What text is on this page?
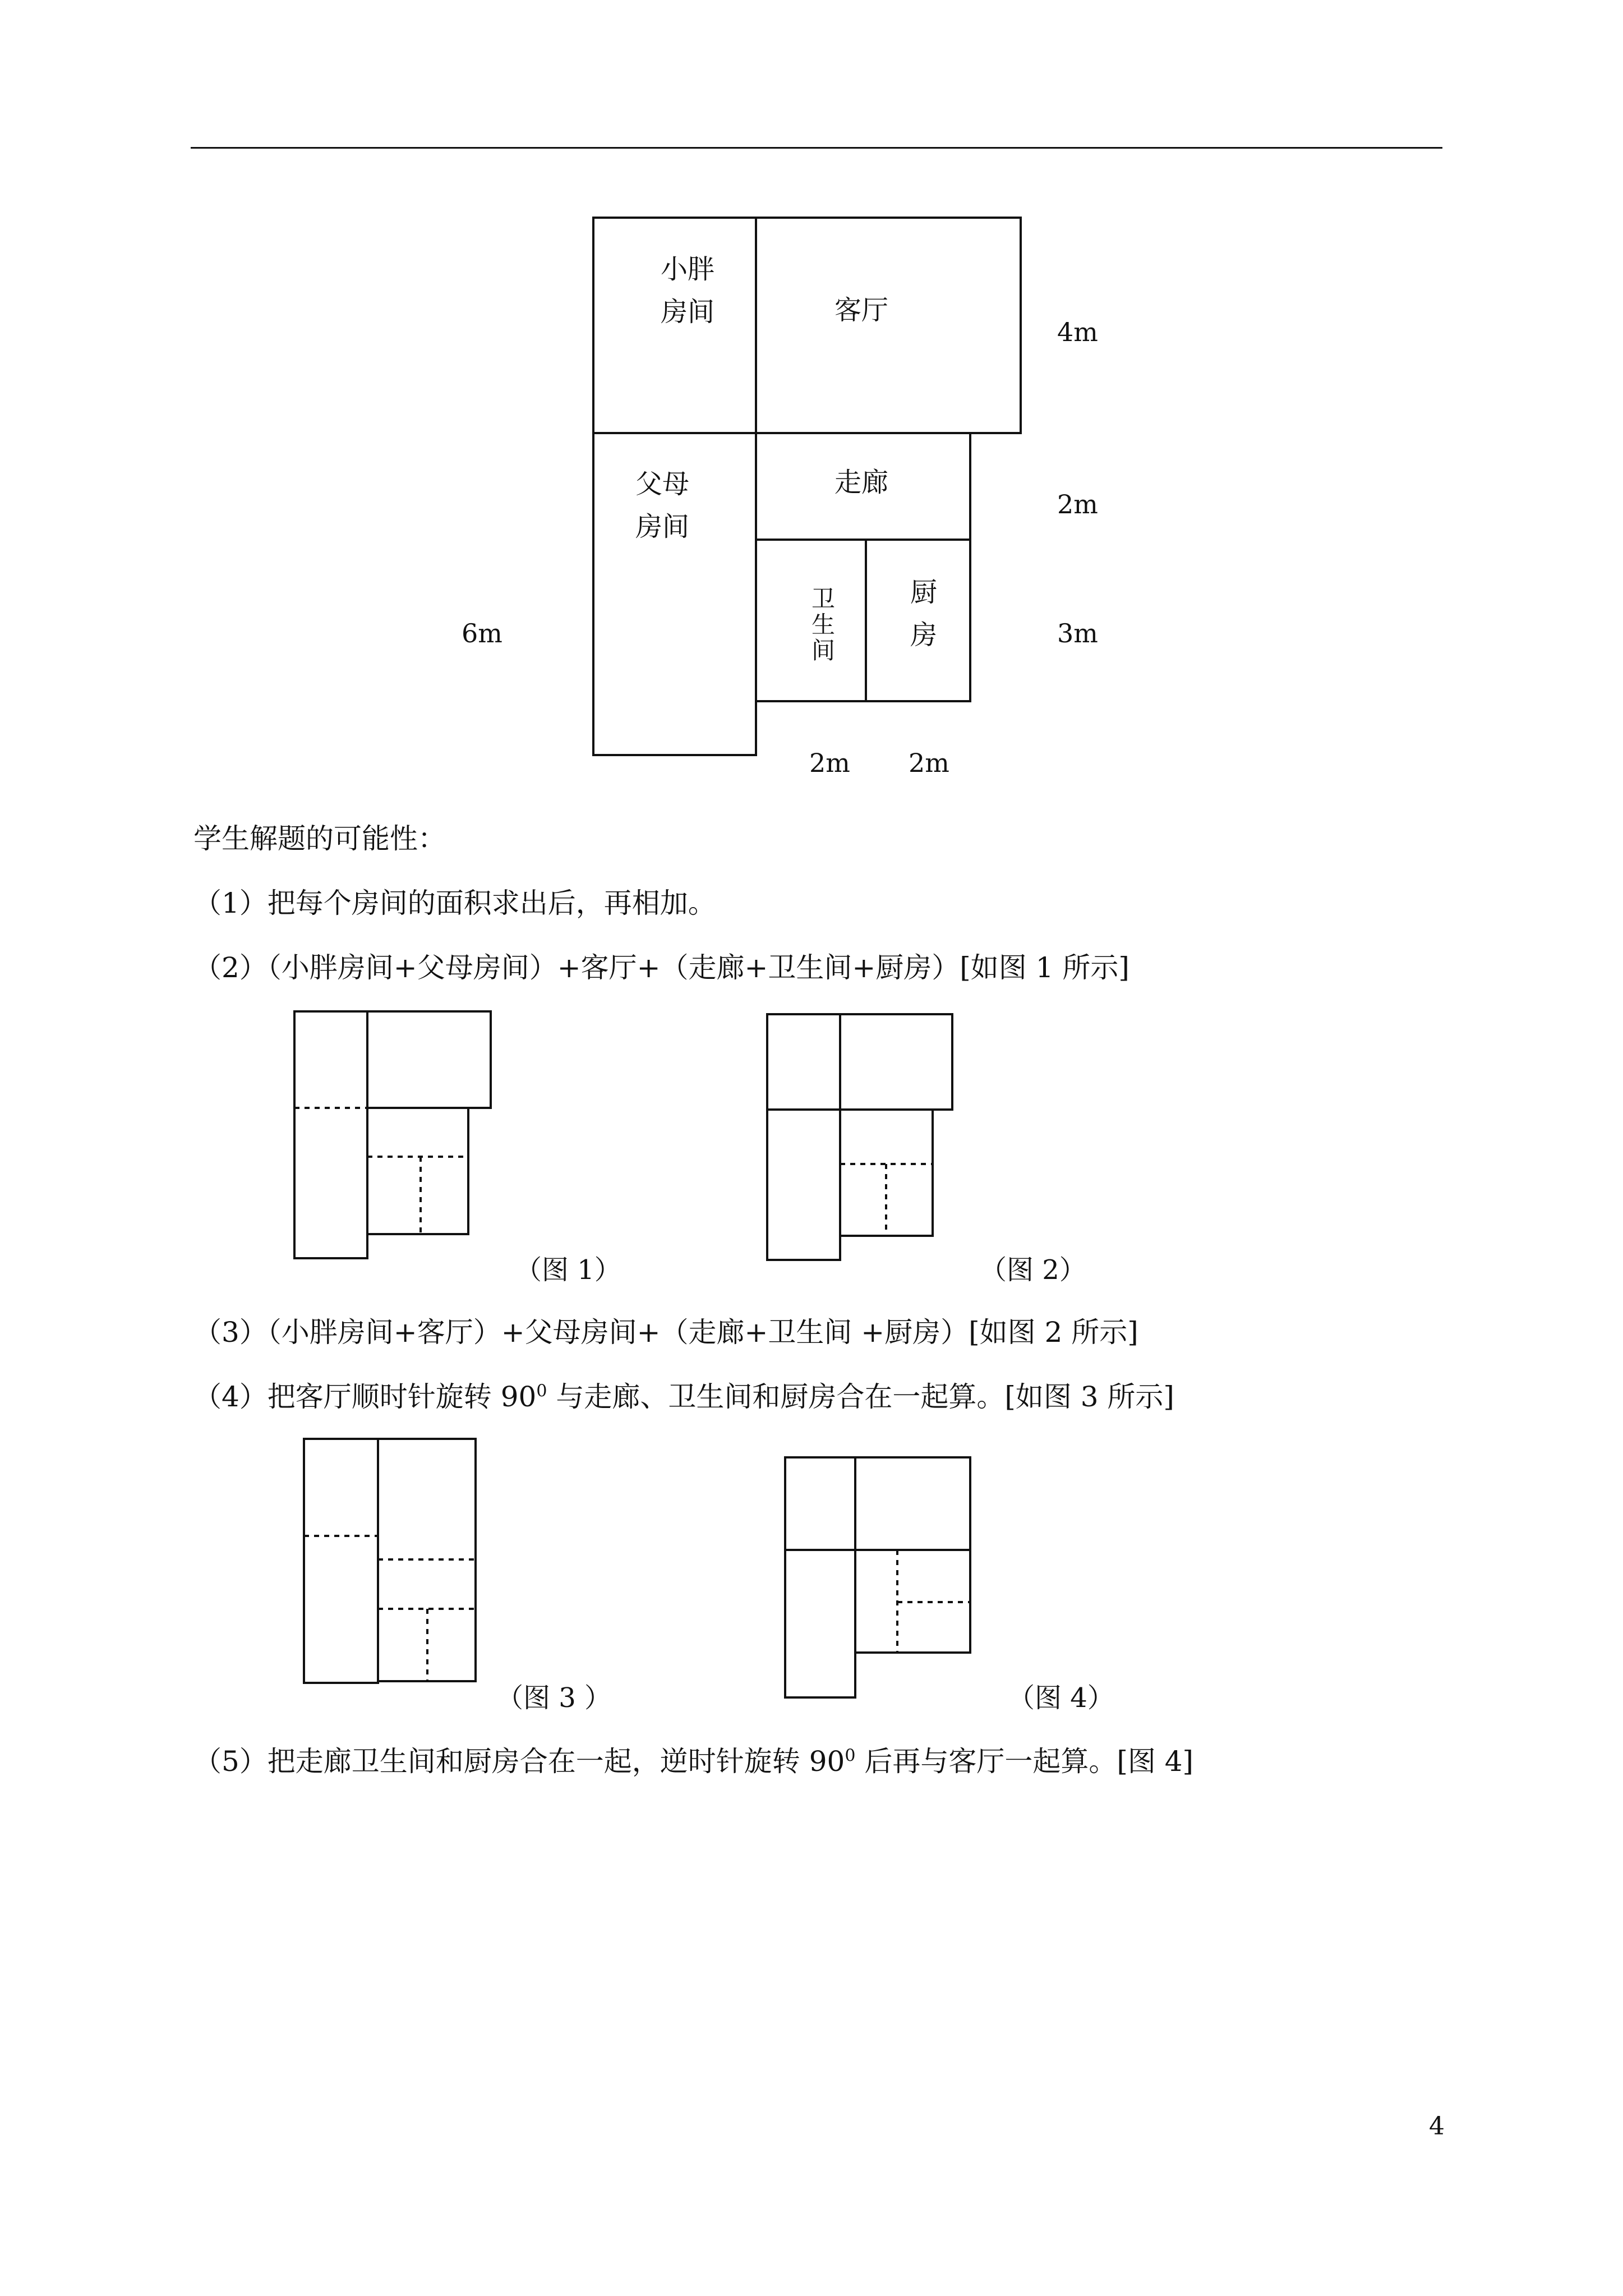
小胖
房间	客厅
父母
房间
走廊
卫
生
间
厨
房
4m
2m
3m
6m
2m 2m
学生解题的可能性：
（1）把每个房间的面积求出后，再相加。
（2）（小胖房间+父母房间）+客厅+（走廊+卫生间+厨房）[如图 1 所示]
（3）（小胖房间+客厅）+父母房间+（走廊+卫生间 +厨房）[如图 2 所示]
（4）把客厅顺时针旋转 $90^0$ 与走廊、卫生间和厨房合在一起算。[如图 3 所示]
（5）把走廊卫生间和厨房合在一起，逆时针旋转 $90^0$ 后再与客厅一起算。[图 4]
（图 1）	（图 2）
（图 3 ）	（图 4）
4
